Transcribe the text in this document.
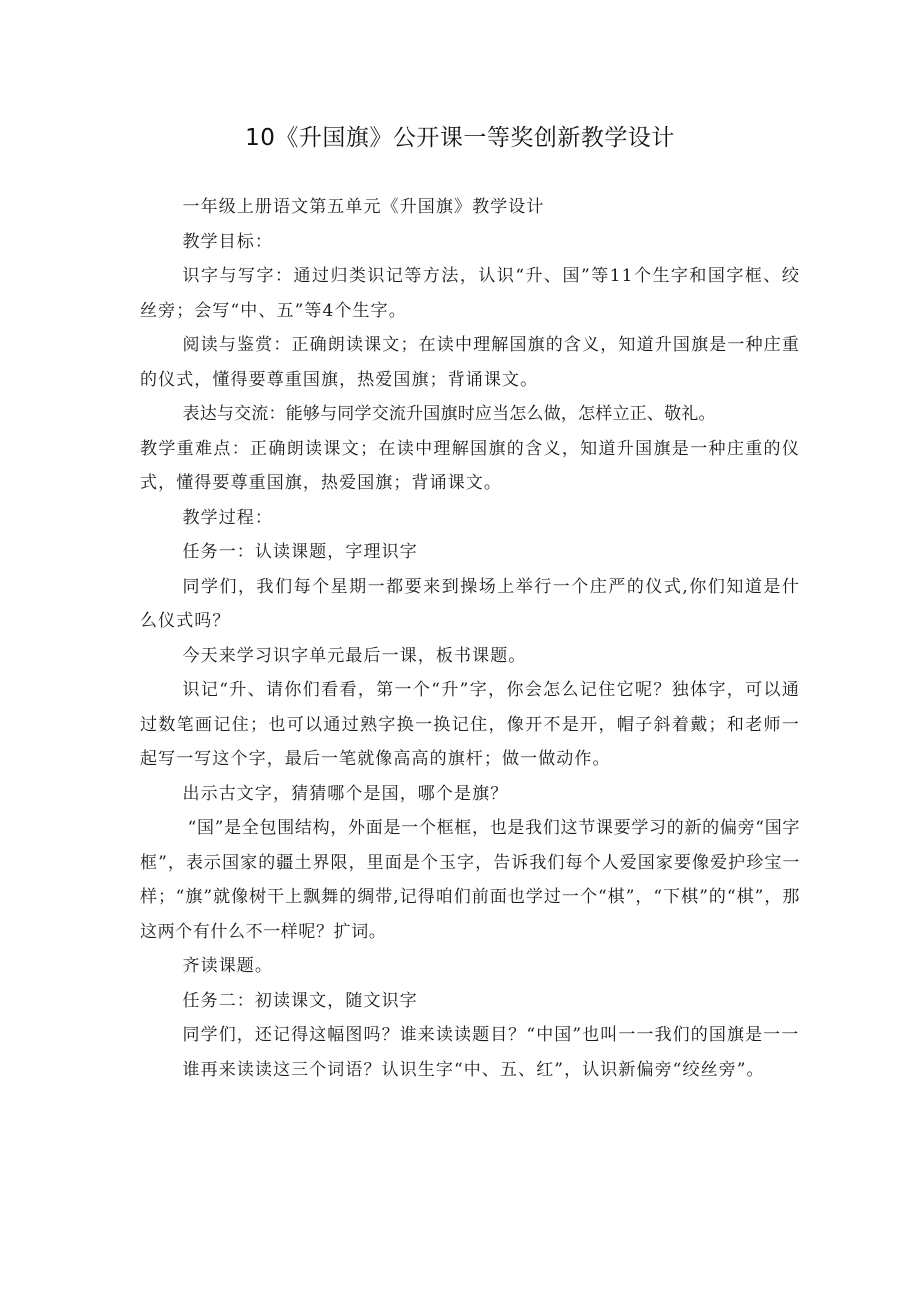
10《升国旗》公开课一等奖创新教学设计

一年级上册语文第五单元《升国旗》教学设计

教学目标：

识字与写字：通过归类识记等方法，认识“升、国”等11个生字和国字框、绞丝旁；会写“中、五”等4个生字。

阅读与鉴赏：正确朗读课文；在读中理解国旗的含义，知道升国旗是一种庄重的仪式，懂得要尊重国旗，热爱国旗；背诵课文。

表达与交流：能够与同学交流升国旗时应当怎么做，怎样立正、敬礼。

教学重难点：正确朗读课文；在读中理解国旗的含义，知道升国旗是一种庄重的仪式，懂得要尊重国旗，热爱国旗；背诵课文。

教学过程：

任务一：认读课题，字理识字

同学们，我们每个星期一都要来到操场上举行一个庄严的仪式,你们知道是什么仪式吗？

今天来学习识字单元最后一课，板书课题。

识记“升、请你们看看，第一个“升”字，你会怎么记住它呢？独体字，可以通过数笔画记住；也可以通过熟字换一换记住，像开不是开，帽子斜着戴；和老师一起写一写这个字，最后一笔就像高高的旗杆；做一做动作。

出示古文字，猜猜哪个是国，哪个是旗？

“国”是全包围结构，外面是一个框框，也是我们这节课要学习的新的偏旁“国字框”，表示国家的疆土界限，里面是个玉字，告诉我们每个人爱国家要像爱护珍宝一样；“旗”就像树干上飘舞的绸带,记得咱们前面也学过一个“棋”，“下棋”的“棋”，那这两个有什么不一样呢？扩词。

齐读课题。

任务二：初读课文，随文识字

同学们，还记得这幅图吗？谁来读读题目？“中国”也叫一一我们的国旗是一一

谁再来读读这三个词语？认识生字“中、五、红”，认识新偏旁“绞丝旁”。
